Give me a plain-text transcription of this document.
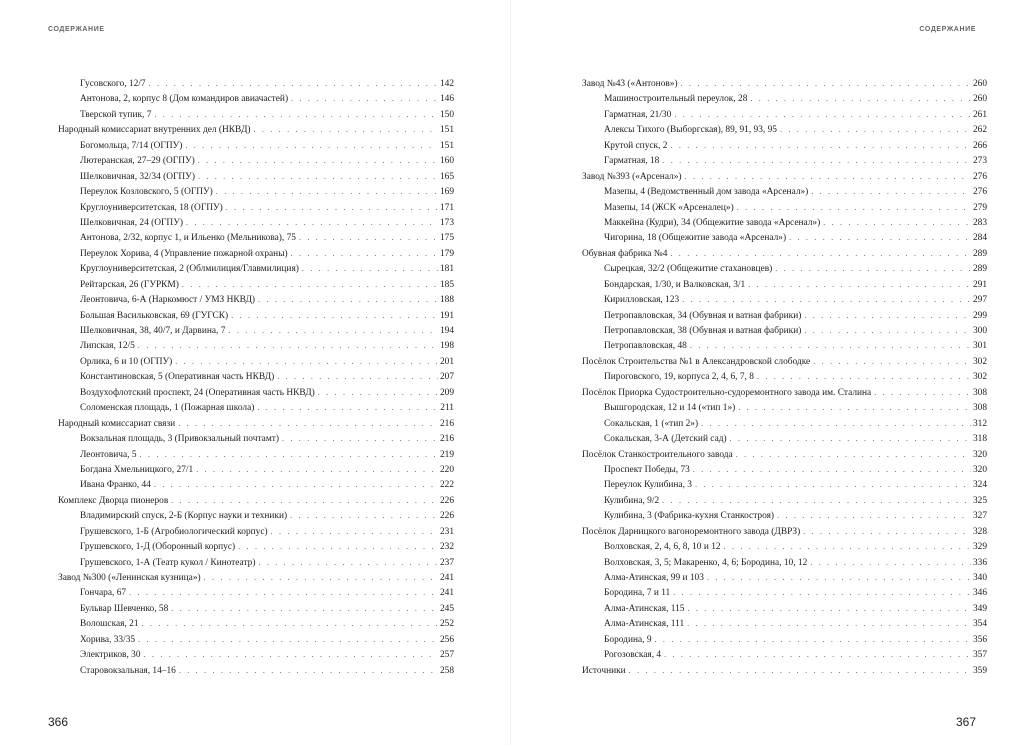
СОДЕРЖАНИЕ
Гусовского, 12/7 . . .	142
Антонова, 2, корпус 8 (Дом командиров авиачастей) . . .	146
Тверской тупик, 7 . . .	150
Народный комиссариат внутренних дел (НКВД) . . .	151
Богомольца, 7/14 (ОГПУ) . . .	151
Лютеранская, 27–29 (ОГПУ) . . .	160
Шелковичная, 32/34 (ОГПУ) . . .	165
Переулок Козловского, 5 (ОГПУ) . . .	169
Круглоуниверситетская, 18 (ОГПУ) . . .	171
Шелковичная, 24 (ОГПУ) . . .	173
Антонова, 2/32, корпус 1, и Ильенко (Мельникова), 75 . . .	175
Переулок Хорива, 4 (Управление пожарной охраны) . . .	179
Круглоуниверситетская, 2 (Облмилиция/Главмилиция) . . .	181
Рейтарская, 26 (ГУРКМ) . . .	185
Леонтовича, 6-А (Наркомюст / УМЗ НКВД) . . .	188
Большая Васильковская, 69 (ГУГСК) . . .	191
Шелковичная, 38, 40/7, и Дарвина, 7 . . .	194
Липская, 12/5 . . .	198
Орлика, 6 и 10 (ОГПУ) . . .	201
Константиновская, 5 (Оперативная часть НКВД) . . .	207
Воздухофлотский проспект, 24 (Оперативная часть НКВД) . . .	209
Соломенская площадь, 1 (Пожарная школа) . . .	211
Народный комиссариат связи . . .	216
Вокзальная площадь, 3 (Привокзальный почтамт) . . .	216
Леонтовича, 5 . . .	219
Богдана Хмельницкого, 27/1 . . .	220
Ивана Франко, 44 . . .	222
Комплекс Дворца пионеров . . .	226
Владимирский спуск, 2-Б (Корпус науки и техники) . . .	226
Грушевского, 1-Б (Агробиологический корпус) . . .	231
Грушевского, 1-Д (Оборонный корпус) . . .	232
Грушевского, 1-А (Театр кукол / Кинотеатр) . . .	237
Завод №300 («Ленинская кузница») . . .	241
Гончара, 67 . . .	241
Бульвар Шевченко, 58 . . .	245
Волошская, 21 . . .	252
Хорива, 33/35 . . .	256
Электриков, 30 . . .	257
Старовокзальная, 14–16 . . .	258
366
СОДЕРЖАНИЕ
Завод №43 («Антонов») . . .	260
Машиностроительный переулок, 28 . . .	260
Гарматная, 21/30 . . .	261
Алексы Тихого (Выборгская), 89, 91, 93, 95 . . .	262
Крутой спуск, 2 . . .	266
Гарматная, 18 . . .	273
Завод №393 («Арсенал») . . .	276
Мазепы, 4 (Ведомственный дом завода «Арсенал») . . .	276
Мазепы, 14 (ЖСК «Арсеналец») . . .	279
Маккейна (Кудри), 34 (Общежитие завода «Арсенал») . . .	283
Чигорина, 18 (Общежитие завода «Арсенал») . . .	284
Обувная фабрика №4 . . .	289
Сырецкая, 32/2 (Общежитие стахановцев) . . .	289
Бондарская, 1/30, и Валковская, 3/1 . . .	291
Кирилловская, 123 . . .	297
Петропавловская, 34 (Обувная и ватная фабрики) . . .	299
Петропавловская, 38 (Обувная и ватная фабрики) . . .	300
Петропавловская, 48 . . .	301
Посёлок Строительства №1 в Александровской слободке . . .	302
Пироговского, 19, корпуса 2, 4, 6, 7, 8 . . .	302
Посёлок Приорка Судостроительно-судоремонтного завода им. Сталина . . .	308
Вышгородская, 12 и 14 («тип 1») . . .	308
Сокальская, 1 («тип 2») . . .	312
Сокальская, 3-А (Детский сад) . . .	318
Посёлок Станкостроительного завода . . .	320
Проспект Победы, 73 . . .	320
Переулок Кулибина, 3 . . .	324
Кулибина, 9/2 . . .	325
Кулибина, 3 (Фабрика-кухня Станкостроя) . . .	327
Посёлок Дарницкого вагоноремонтного завода (ДВРЗ) . . .	328
Волховская, 2, 4, 6, 8, 10 и 12 . . .	329
Волховская, 3, 5; Макаренко, 4, 6; Бородина, 10, 12 . . .	336
Алма-Атинская, 99 и 103 . . .	340
Бородина, 7 и 11 . . .	346
Алма-Атинская, 115 . . .	349
Алма-Атинская, 111 . . .	354
Бородина, 9 . . .	356
Рогозовская, 4 . . .	357
Источники . . .	359
367
